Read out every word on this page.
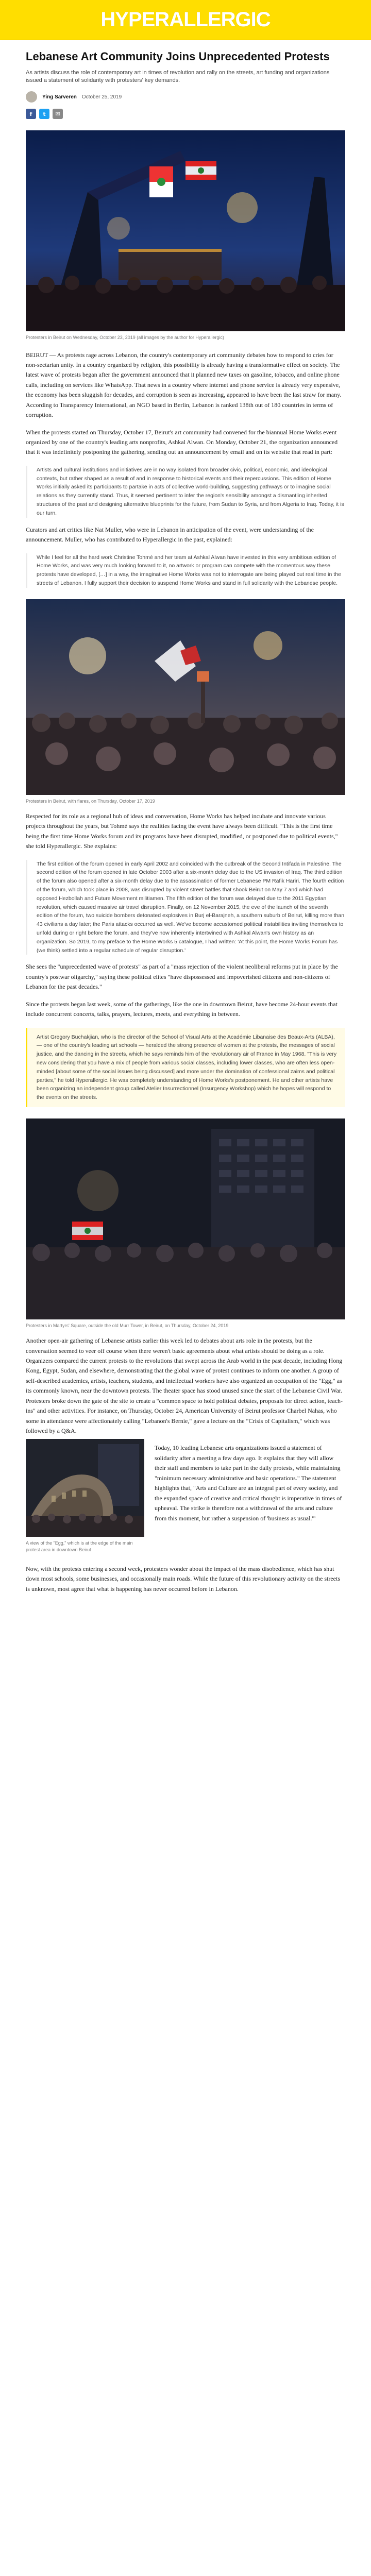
HYPERALLERGIC
Lebanese Art Community Joins Unprecedented Protests

As artists discuss the role of contemporary art in times of revolution and rally on the streets, art funding and organizations issued a statement of solidarity with protesters' key demands.

Ying Sarveren October 25, 2019
f	t	✉
Protesters in Beirut on Wednesday, October 23, 2019 (all images by the author for Hyperallergic)

BEIRUT — As protests rage across Lebanon, the country's contemporary art community debates how to respond to cries for non-sectarian unity. In a country organized by religion, this possibility is already having a transformative effect on society. The latest wave of protests began after the government announced that it planned new taxes on gasoline, tobacco, and online phone calls, including on services like WhatsApp. That news in a country where internet and phone service is already very expensive, the economy has been sluggish for decades, and corruption is seen as increasing, appeared to have been the last straw for many. According to Transparency International, an NGO based in Berlin, Lebanon is ranked 138th out of 180 countries in terms of corruption.

When the protests started on Thursday, October 17, Beirut's art community had convened for the biannual Home Works event organized by one of the country's leading arts nonprofits, Ashkal Alwan. On Monday, October 21, the organization announced that it was indefinitely postponing the gathering, sending out an announcement by email and on its website that read in part:

Artists and cultural institutions and initiatives are in no way isolated from broader civic, political, economic, and ideological contexts, but rather shaped as a result of and in response to historical events and their repercussions. This edition of Home Works initially asked its participants to partake in acts of collective world-building, suggesting pathways or to imagine social relations as they currently stand. Thus, it seemed pertinent to infer the region's sensibility amongst a dismantling inherited structures of the past and designing alternative blueprints for the future, from Sudan to Syria, and from Algeria to Iraq. Today, it is our turn.

Curators and art critics like Nat Muller, who were in Lebanon in anticipation of the event, were understanding of the announcement. Muller, who has contributed to Hyperallergic in the past, explained:

While I feel for all the hard work Christine Tohmé and her team at Ashkal Alwan have invested in this very ambitious edition of Home Works, and was very much looking forward to it, no artwork or program can compete with the momentous way these protests have developed, […] in a way, the imaginative Home Works was not to interrogate are being played out real time in the streets of Lebanon. I fully support their decision to suspend Home Works and stand in full solidarity with the Lebanese people.
Protesters in Beirut, with flares, on Thursday, October 17, 2019

Respected for its role as a regional hub of ideas and conversation, Home Works has helped incubate and innovate various projects throughout the years, but Tohmé says the realities facing the event have always been difficult. "This is the first time being the first time Home Works forum and its programs have been disrupted, modified, or postponed due to political events," she told Hyperallergic. She explains:

The first edition of the forum opened in early April 2002 and coincided with the outbreak of the Second Intifada in Palestine. The second edition of the forum opened in late October 2003 after a six-month delay due to the US invasion of Iraq. The third edition of the forum also opened after a six-month delay due to the assassination of former Lebanese PM Rafik Hariri. The fourth edition of the forum, which took place in 2008, was disrupted by violent street battles that shook Beirut on May 7 and which had opposed Hezbollah and Future Movement militiamen. The fifth edition of the forum was delayed due to the 2011 Egyptian revolution, which caused massive air travel disruption. Finally, on 12 November 2015, the eve of the launch of the seventh edition of the forum, two suicide bombers detonated explosives in Burj el-Barajneh, a southern suburb of Beirut, killing more than 43 civilians a day later; the Paris attacks occurred as well. We've become accustomed political instabilities inviting themselves to unfold during or right before the forum, and they've now inherently intertwined with Ashkal Alwan's own history as an organization. So 2019, to my preface to the Home Works 5 catalogue, I had written: 'At this point, the Home Works Forum has (we think) settled into a regular schedule of regular disruption.'

She sees the "unprecedented wave of protests" as part of a "mass rejection of the violent neoliberal reforms put in place by the country's postwar oligarchy," saying these political elites "have dispossessed and impoverished citizens and non-citizens of Lebanon for the past decades."

Since the protests began last week, some of the gatherings, like the one in downtown Beirut, have become 24-hour events that include concurrent concerts, talks, prayers, lectures, meets, and everything in between.

Artist Gregory Buchakjian, who is the director of the School of Visual Arts at the Académie Libanaise des Beaux-Arts (ALBA), — one of the country's leading art schools — heralded the strong presence of women at the protests, the messages of social justice, and the dancing in the streets, which he says reminds him of the revolutionary air of France in May 1968. "This is very new considering that you have a mix of people from various social classes, including lower classes, who are often less open-minded [about some of the social issues being discussed] and more under the domination of confessional zaims and political parties," he told Hyperallergic. He was completely understanding of Home Works's postponement. He and other artists have been organizing an independent group called Atelier Insurrectionnel (Insurgency Workshop) which he hopes will respond to the events on the streets.
Protesters in Martyrs' Square, outside the old Murr Tower, in Beirut, on Thursday, October 24, 2019

Another open-air gathering of Lebanese artists earlier this week led to debates about arts role in the protests, but the conversation seemed to veer off course when there weren't basic agreements about what artists should be doing as a role. Organizers compared the current protests to the revolutions that swept across the Arab world in the past decade, including Hong Kong, Egypt, Sudan, and elsewhere, demonstrating that the global wave of protest continues to inform one another. A group of self-described academics, artists, teachers, students, and intellectual workers have also organized an occupation of the "Egg," as its commonly known, near the downtown protests. The theater space has stood unused since the start of the Lebanese Civil War. Protesters broke down the gate of the site to create a "common space to hold political debates, proposals for direct action, teach-ins" and other activities. For instance, on Thursday, October 24, American University of Beirut professor Charbel Nahas, who some in attendance were affectionately calling "Lebanon's Bernie," gave a lecture on the "Crisis of Capitalism," which was followed by a Q&A.

A view of the "Egg," which is at the edge of the main protest area in downtown Beirut

Today, 10 leading Lebanese arts organizations issued a statement of solidarity after a meeting a few days ago. It explains that they will allow their staff and members to take part in the daily protests, while maintaining "minimum necessary administrative and basic operations." The statement highlights that, "Arts and Culture are an integral part of every society, and the expanded space of creative and critical thought is imperative in times of upheaval. The strike is therefore not a withdrawal of the arts and culture from this moment, but rather a suspension of 'business as usual.'"

Now, with the protests entering a second week, protesters wonder about the impact of the mass disobedience, which has shut down most schools, some businesses, and occasionally main roads. While the future of this revolutionary activity on the streets is unknown, most agree that what is happening has never occurred before in Lebanon.
